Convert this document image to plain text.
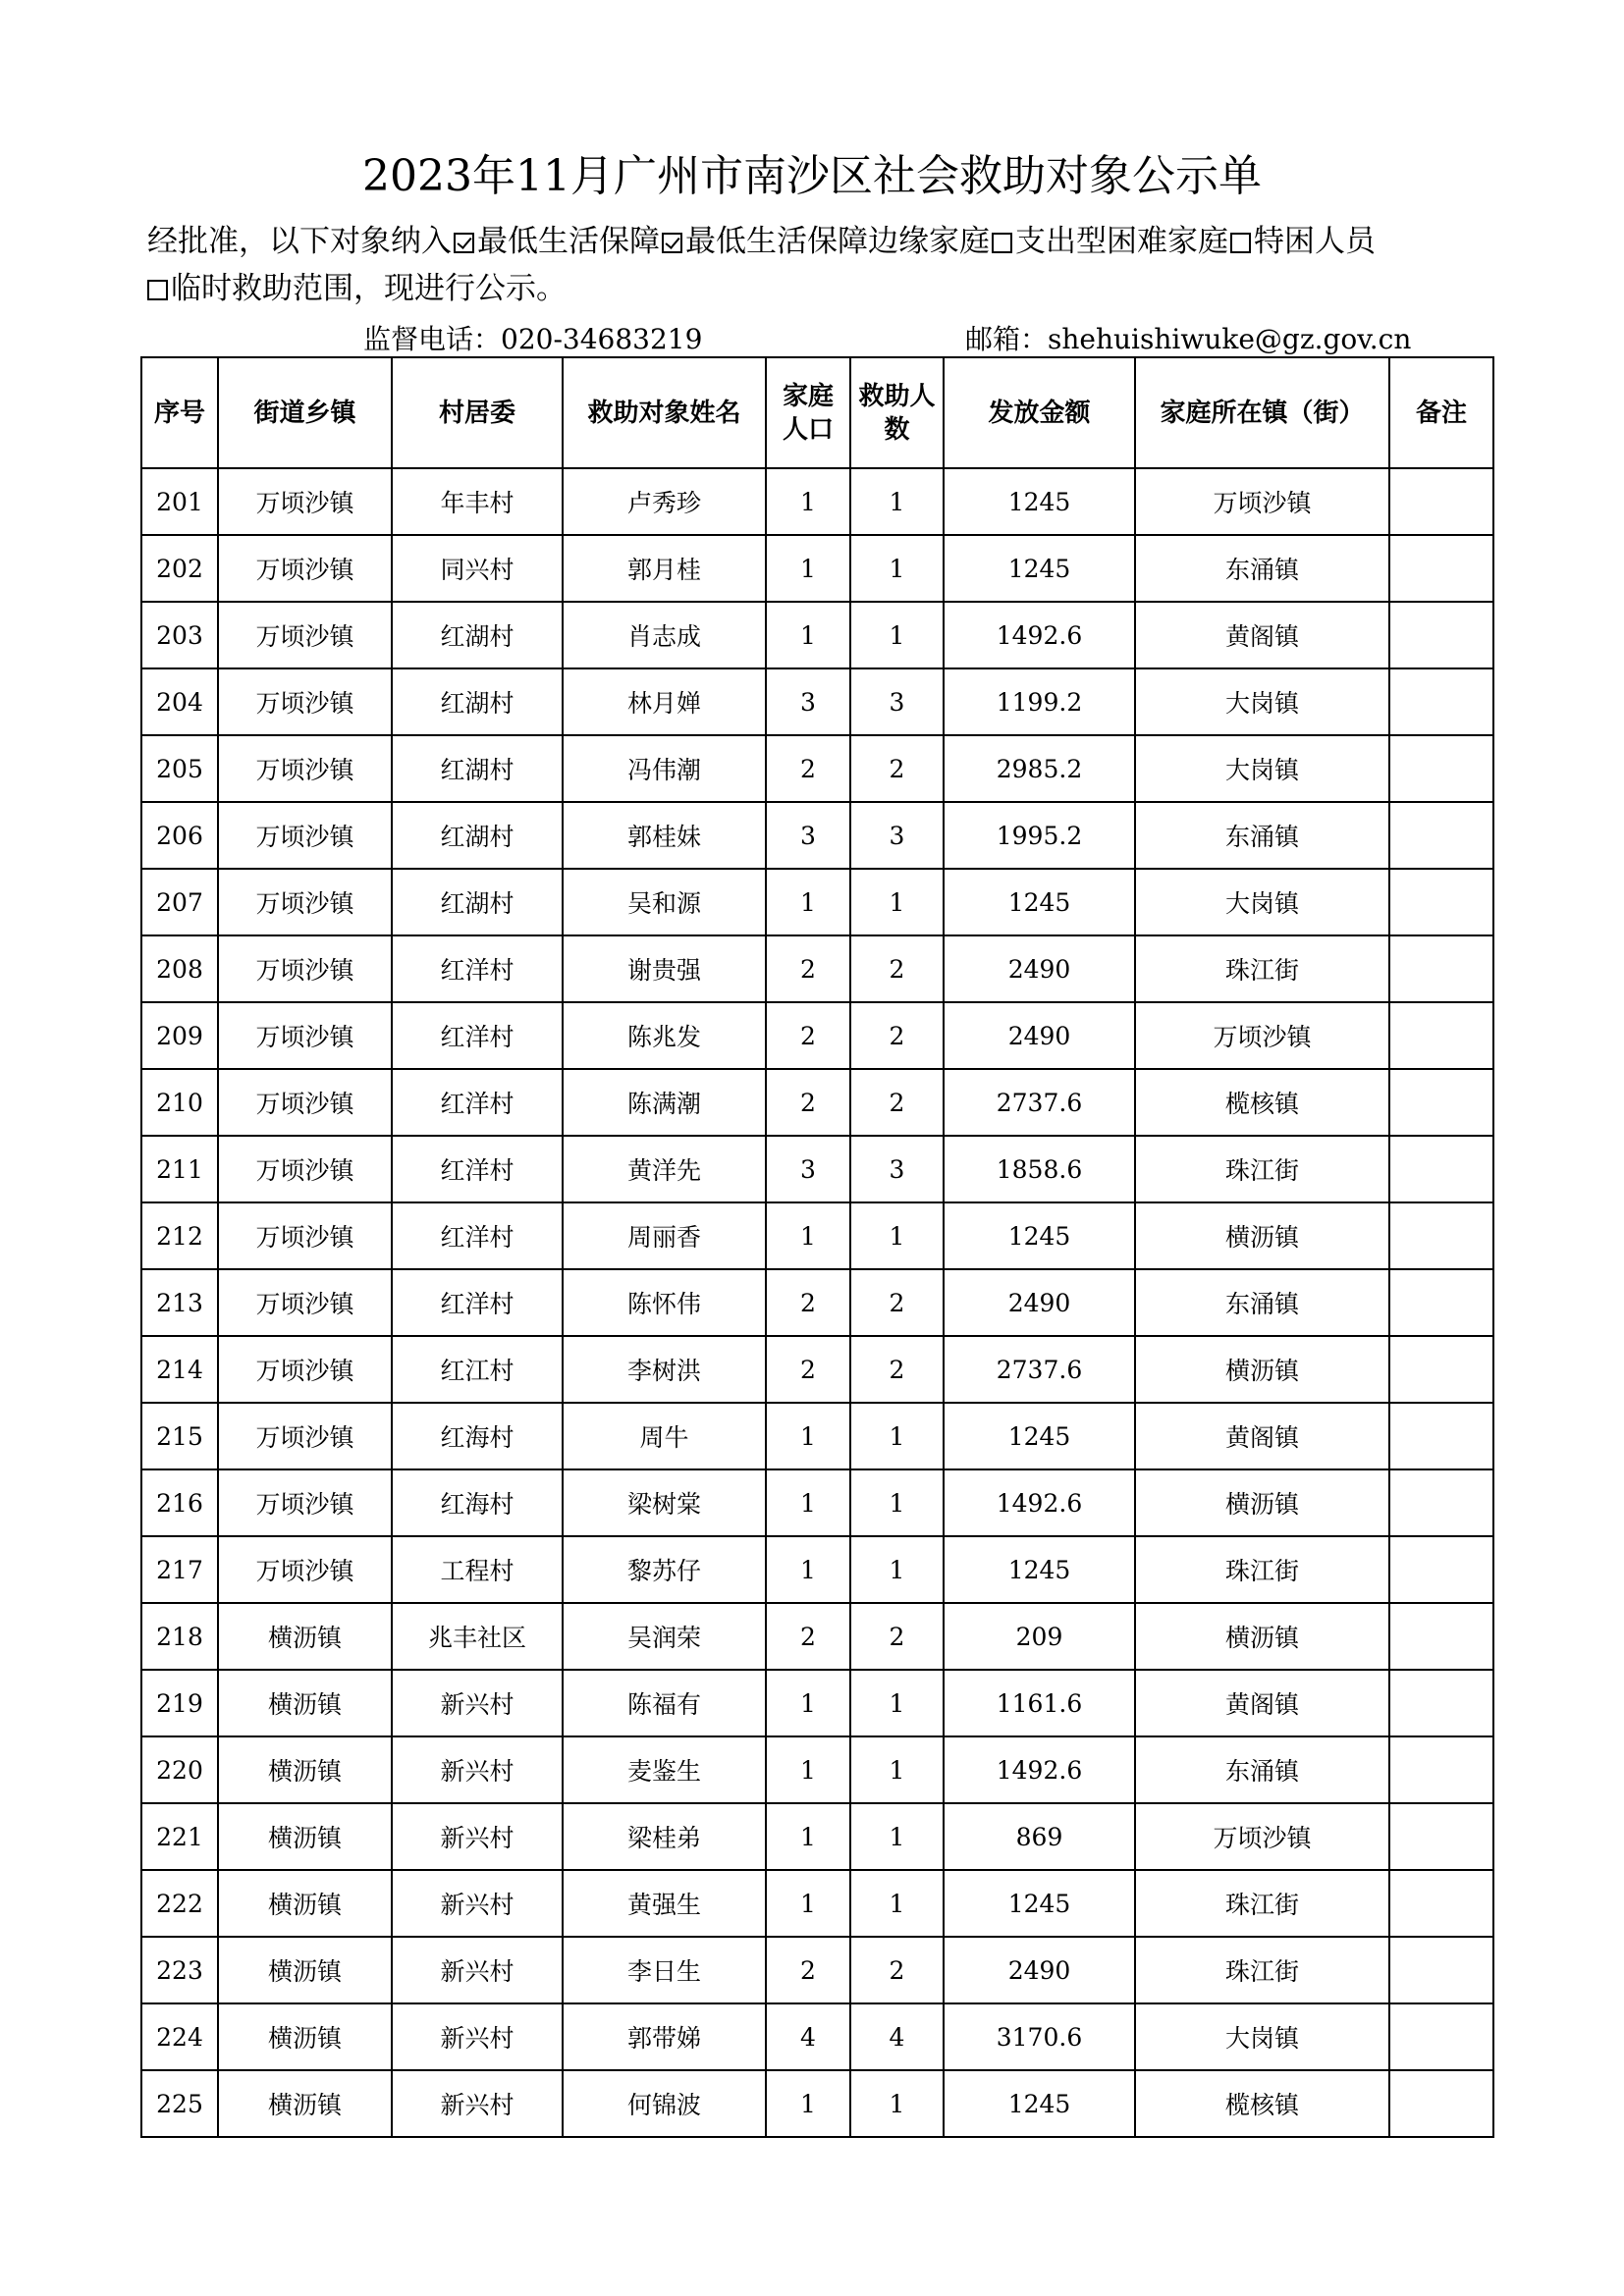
2023年11月广州市南沙区社会救助对象公示单
经批准，以下对象纳入 最低生活保障 最低生活保障边缘家庭 支出型困难家庭 特困人员
临时救助范围，现进行公示。
监督电话：020-34683219	邮箱：shehuishiwuke@gz.gov.cn
序号	街道乡镇	村居委	救助对象姓名	家庭人口	救助人数	发放金额	家庭所在镇（街）	备注
201	万顷沙镇	年丰村	卢秀珍	1	1	1245	万顷沙镇	
202	万顷沙镇	同兴村	郭月桂	1	1	1245	东涌镇	
203	万顷沙镇	红湖村	肖志成	1	1	1492.6	黄阁镇	
204	万顷沙镇	红湖村	林月婵	3	3	1199.2	大岗镇	
205	万顷沙镇	红湖村	冯伟潮	2	2	2985.2	大岗镇	
206	万顷沙镇	红湖村	郭桂妹	3	3	1995.2	东涌镇	
207	万顷沙镇	红湖村	吴和源	1	1	1245	大岗镇	
208	万顷沙镇	红洋村	谢贵强	2	2	2490	珠江街	
209	万顷沙镇	红洋村	陈兆发	2	2	2490	万顷沙镇	
210	万顷沙镇	红洋村	陈满潮	2	2	2737.6	榄核镇	
211	万顷沙镇	红洋村	黄洋先	3	3	1858.6	珠江街	
212	万顷沙镇	红洋村	周丽香	1	1	1245	横沥镇	
213	万顷沙镇	红洋村	陈怀伟	2	2	2490	东涌镇	
214	万顷沙镇	红江村	李树洪	2	2	2737.6	横沥镇	
215	万顷沙镇	红海村	周牛	1	1	1245	黄阁镇	
216	万顷沙镇	红海村	梁树棠	1	1	1492.6	横沥镇	
217	万顷沙镇	工程村	黎苏仔	1	1	1245	珠江街	
218	横沥镇	兆丰社区	吴润荣	2	2	209	横沥镇	
219	横沥镇	新兴村	陈福有	1	1	1161.6	黄阁镇	
220	横沥镇	新兴村	麦鉴生	1	1	1492.6	东涌镇	
221	横沥镇	新兴村	梁桂弟	1	1	869	万顷沙镇	
222	横沥镇	新兴村	黄强生	1	1	1245	珠江街	
223	横沥镇	新兴村	李日生	2	2	2490	珠江街	
224	横沥镇	新兴村	郭带娣	4	4	3170.6	大岗镇	
225	横沥镇	新兴村	何锦波	1	1	1245	榄核镇	
